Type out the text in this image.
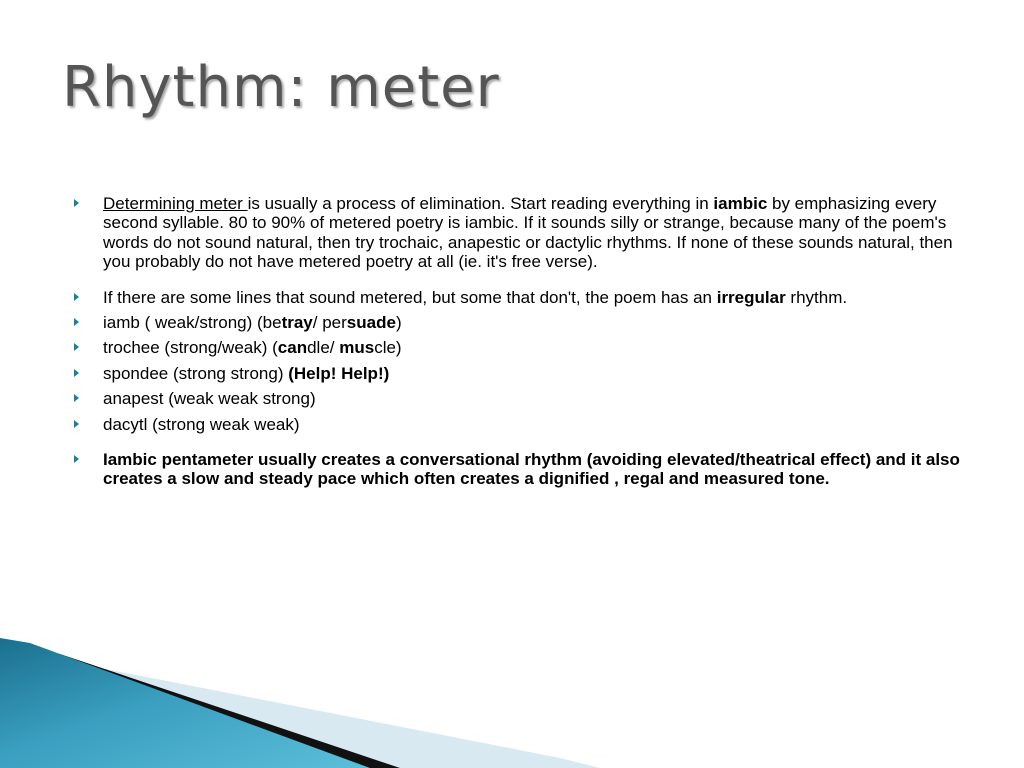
Rhythm: meter
Determining meter is usually a process of elimination. Start reading everything in iambic by emphasizing every second syllable. 80 to 90% of metered poetry is iambic. If it sounds silly or strange, because many of the poem's words do not sound natural, then try trochaic, anapestic or dactylic rhythms. If none of these sounds natural, then you probably do not have metered poetry at all (ie. it's free verse).
If there are some lines that sound metered, but some that don't, the poem has an irregular rhythm.
iamb ( weak/strong) (betray/ persuade)
trochee (strong/weak) (candle/ muscle)
spondee (strong strong) (Help! Help!)
anapest (weak weak strong)
dacytl (strong weak weak)
Iambic pentameter usually creates a conversational rhythm (avoiding elevated/theatrical effect) and it also creates a slow and steady pace which often creates a dignified , regal and measured tone.
